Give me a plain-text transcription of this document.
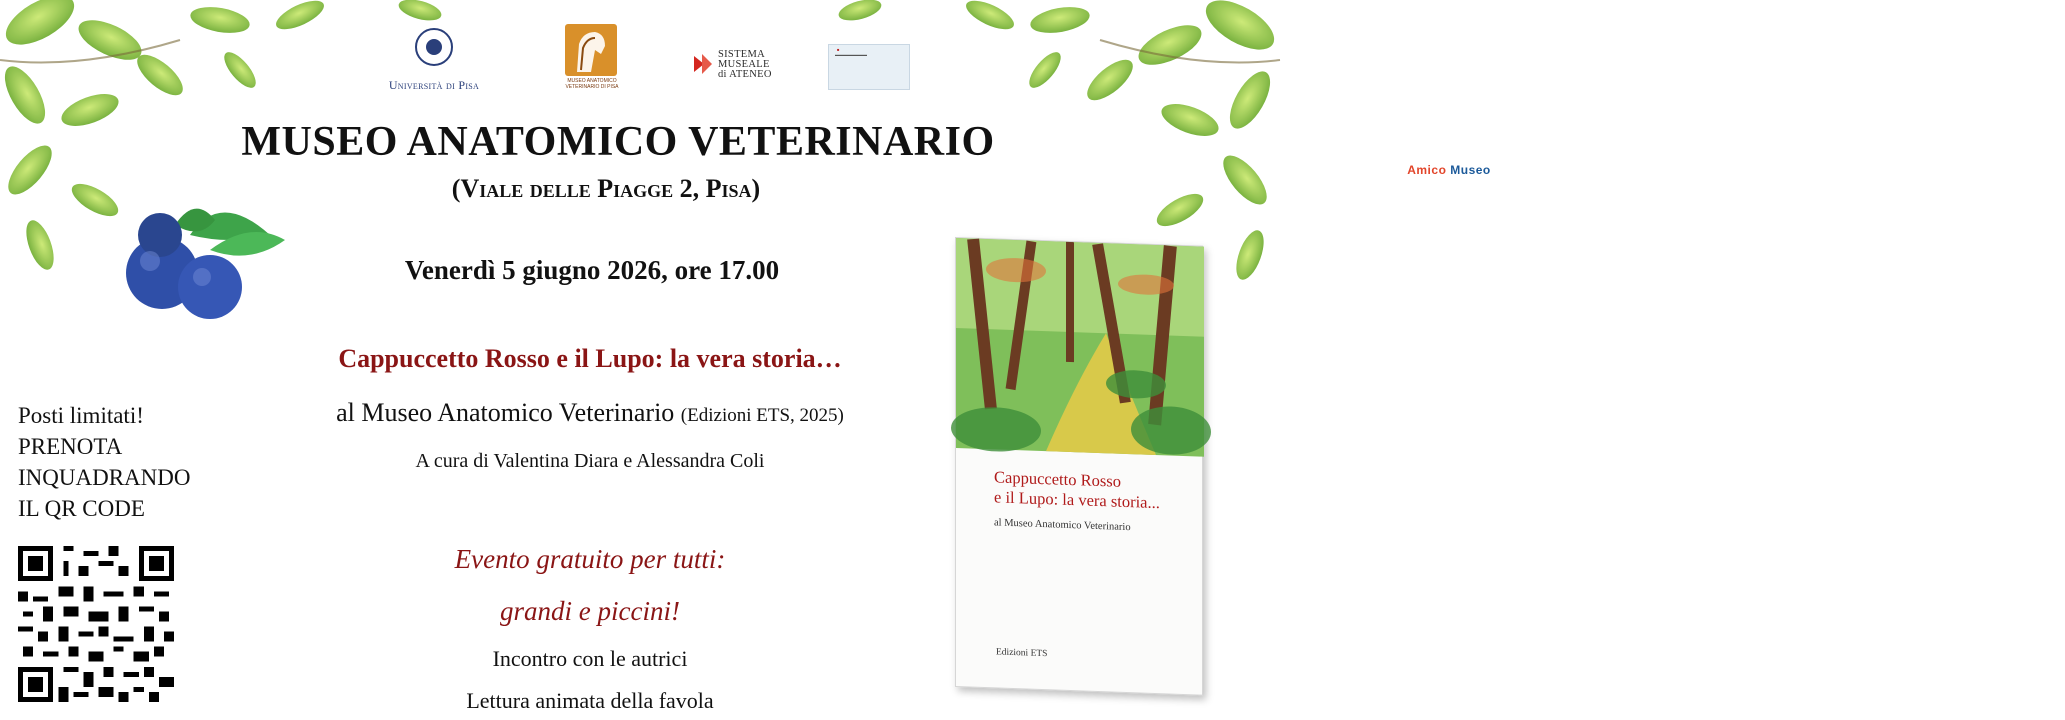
Università di Pisa	MUSEO ANATOMICO VETERINARIO DI PISA
SISTEMA
MUSEALE
di ATENEO
■
Amico Museo
▬▬▬▬▬▬▬▬
MUSEO ANATOMICO VETERINARIO
(Viale delle Piagge 2, Pisa)
Venerdì 5 giugno 2026, ore 17.00
Cappuccetto Rosso e il Lupo: la vera storia…
al Museo Anatomico Veterinario (Edizioni ETS, 2025)
A cura di Valentina Diara e Alessandra Coli
Evento gratuito per tutti:
grandi e piccini!
Incontro con le autrici
Lettura animata della favola
Posti limitati!
PRENOTA
INQUADRANDO
IL QR CODE
Cappuccetto Rosso
e il Lupo: la vera storia...
al Museo Anatomico Veterinario
Edizioni ETS
